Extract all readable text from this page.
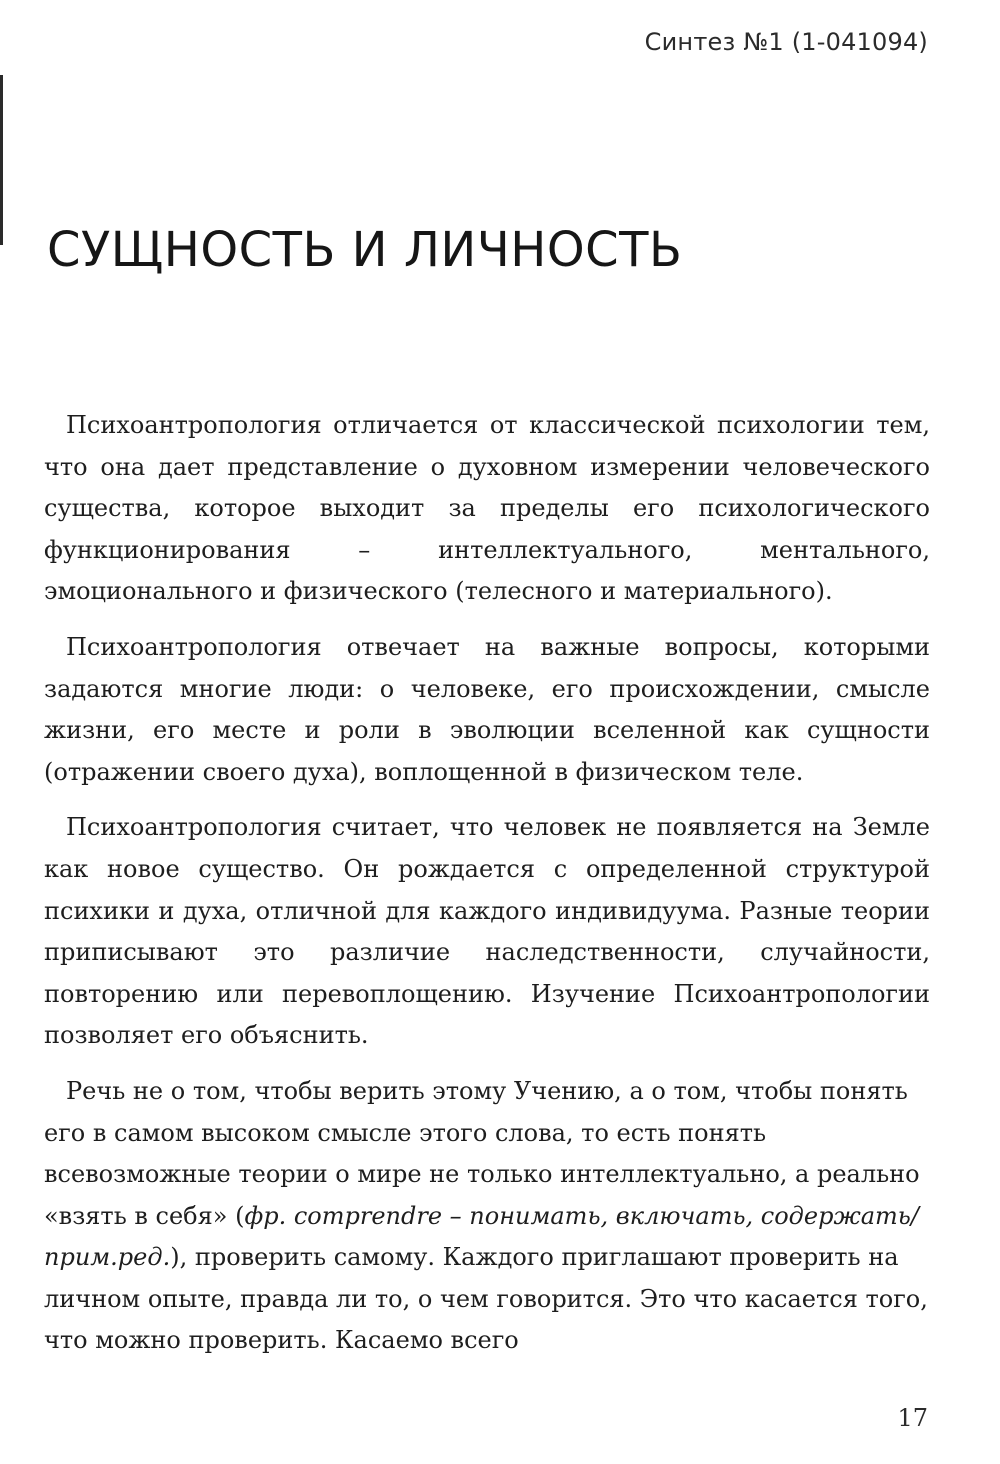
Синтез №1 (1-041094)
СУЩНОСТЬ И ЛИЧНОСТЬ

Психоантропология отличается от классической психологии тем, что она дает представление о духовном измерении человеческого существа, которое выходит за пределы его психологического функционирования – интеллектуального, ментального, эмоционального и физического (телесного и материального).

Психоантропология отвечает на важные вопросы, которыми задаются многие люди: о человеке, его происхождении, смысле жизни, его месте и роли в эволюции вселенной как сущности (отражении своего духа), воплощенной в физическом теле.

Психоантропология считает, что человек не появляется на Земле как новое существо. Он рождается с определенной структурой психики и духа, отличной для каждого индивидуума. Разные теории приписывают это различие наследственности, случайности, повторению или перевоплощению. Изучение Психоантропологии позволяет его объяснить.

Речь не о том, чтобы верить этому Учению, а о том, чтобы понять его в самом высоком смысле этого слова, то есть понять всевозможные теории о мире не только интеллектуально, а реально «взять в себя» (фр. comprendre – понимать, включать, содержать/прим.ред.), проверить самому. Каждого приглашают проверить на личном опыте, правда ли то, о чем говорится. Это что касается того, что можно проверить. Касаемо всего

17
